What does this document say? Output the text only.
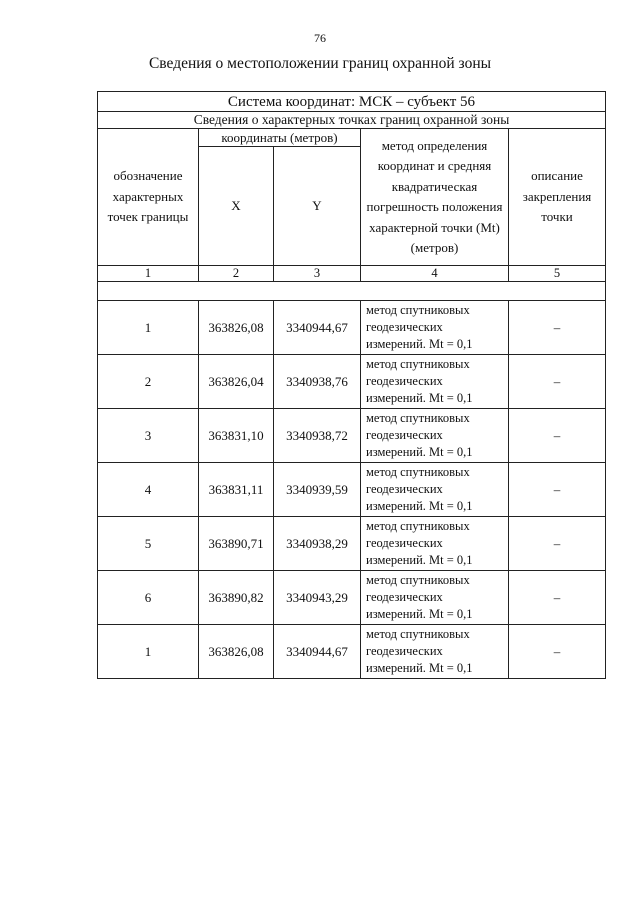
76
Сведения о местоположении границ охранной зоны
Система координат: МСК – субъект 56				
Сведения о характерных точках границ охранной зоны				
обозначение характерных точек границы	координаты (метров)		метод определения координат и средняя квадратическая погрешность положения характерной точки (Mt) (метров)	описание закрепления точки
	X	Y		
1	2	3	4	5

1	363826,08	3340944,67	метод спутниковых геодезических измерений. Mt = 0,1	–
2	363826,04	3340938,76	метод спутниковых геодезических измерений. Mt = 0,1	–
3	363831,10	3340938,72	метод спутниковых геодезических измерений. Mt = 0,1	–
4	363831,11	3340939,59	метод спутниковых геодезических измерений. Mt = 0,1	–
5	363890,71	3340938,29	метод спутниковых геодезических измерений. Mt = 0,1	–
6	363890,82	3340943,29	метод спутниковых геодезических измерений. Mt = 0,1	–
1	363826,08	3340944,67	метод спутниковых геодезических измерений. Mt = 0,1	–
